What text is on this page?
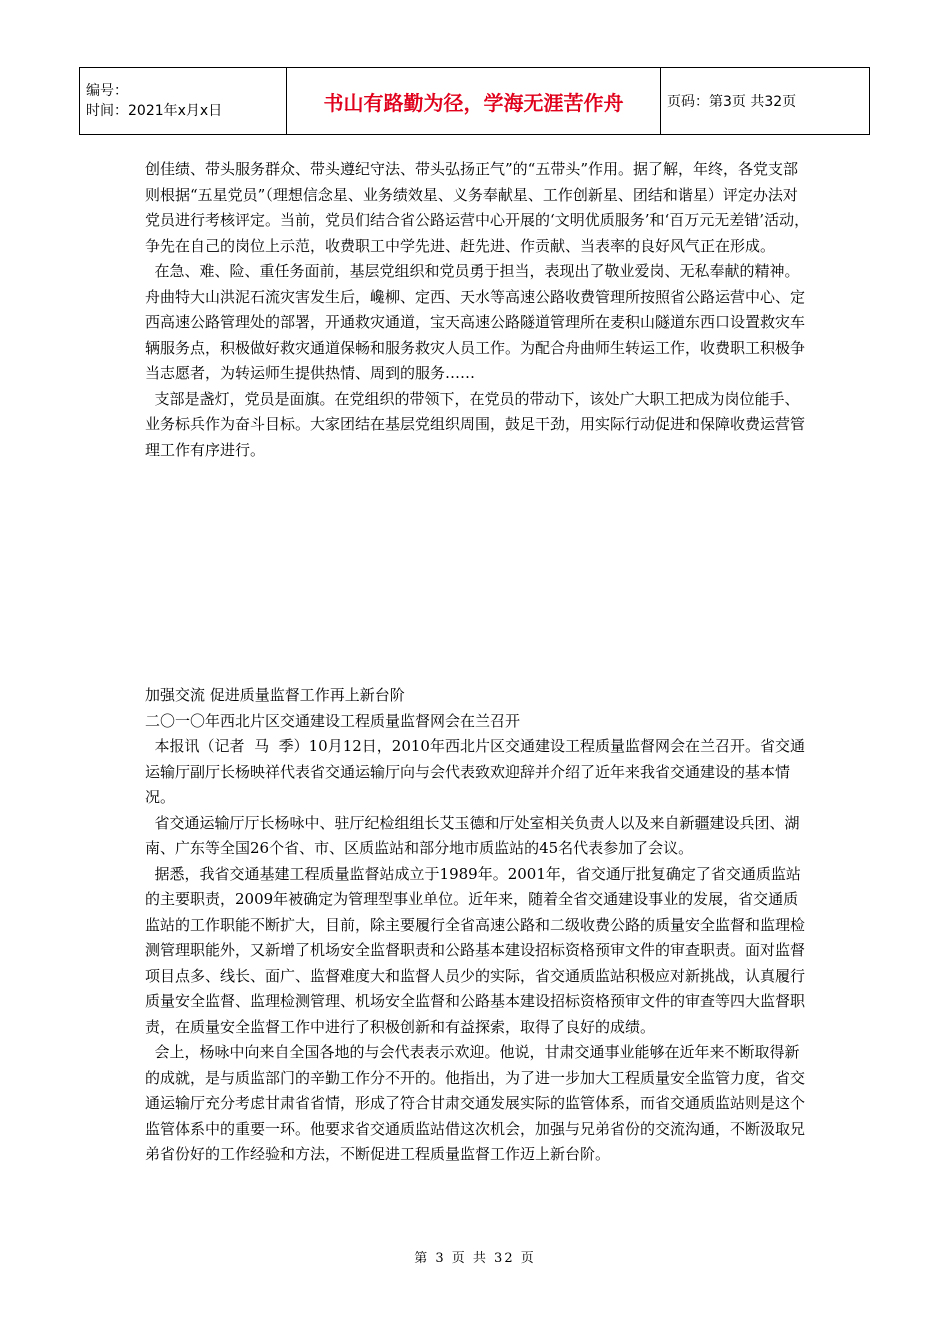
编号：
时间：2021年x月x日	书山有路勤为径，学海无涯苦作舟	页码：第3页 共32页

创佳绩、带头服务群众、带头遵纪守法、带头弘扬正气”的“五带头”作用。据了解，年终，各党支部则根据“五星党员”（理想信念星、业务绩效星、义务奉献星、工作创新星、团结和谐星）评定办法对党员进行考核评定。当前，党员们结合省公路运营中心开展的‘文明优质服务’和‘百万元无差错’活动，争先在自己的岗位上示范，收费职工中学先进、赶先进、作贡献、当表率的良好风气正在形成。

在急、难、险、重任务面前，基层党组织和党员勇于担当，表现出了敬业爱岗、无私奉献的精神。舟曲特大山洪泥石流灾害发生后，巉柳、定西、天水等高速公路收费管理所按照省公路运营中心、定西高速公路管理处的部署，开通救灾通道，宝天高速公路隧道管理所在麦积山隧道东西口设置救灾车辆服务点，积极做好救灾通道保畅和服务救灾人员工作。为配合舟曲师生转运工作，收费职工积极争当志愿者，为转运师生提供热情、周到的服务……

支部是盏灯，党员是面旗。在党组织的带领下，在党员的带动下，该处广大职工把成为岗位能手、业务标兵作为奋斗目标。大家团结在基层党组织周围，鼓足干劲，用实际行动促进和保障收费运营管理工作有序进行。

加强交流 促进质量监督工作再上新台阶

二〇一〇年西北片区交通建设工程质量监督网会在兰召开

本报讯（记者  马  季）10月12日，2010年西北片区交通建设工程质量监督网会在兰召开。省交通运输厅副厅长杨映祥代表省交通运输厅向与会代表致欢迎辞并介绍了近年来我省交通建设的基本情况。

省交通运输厅厅长杨咏中、驻厅纪检组组长艾玉德和厅处室相关负责人以及来自新疆建设兵团、湖南、广东等全国26个省、市、区质监站和部分地市质监站的45名代表参加了会议。

据悉，我省交通基建工程质量监督站成立于1989年。2001年，省交通厅批复确定了省交通质监站的主要职责，2009年被确定为管理型事业单位。近年来，随着全省交通建设事业的发展，省交通质监站的工作职能不断扩大，目前，除主要履行全省高速公路和二级收费公路的质量安全监督和监理检测管理职能外，又新增了机场安全监督职责和公路基本建设招标资格预审文件的审查职责。面对监督项目点多、线长、面广、监督难度大和监督人员少的实际，省交通质监站积极应对新挑战，认真履行质量安全监督、监理检测管理、机场安全监督和公路基本建设招标资格预审文件的审查等四大监督职责，在质量安全监督工作中进行了积极创新和有益探索，取得了良好的成绩。

会上，杨咏中向来自全国各地的与会代表表示欢迎。他说，甘肃交通事业能够在近年来不断取得新的成就，是与质监部门的辛勤工作分不开的。他指出，为了进一步加大工程质量安全监管力度，省交通运输厅充分考虑甘肃省省情，形成了符合甘肃交通发展实际的监管体系，而省交通质监站则是这个监管体系中的重要一环。他要求省交通质监站借这次机会，加强与兄弟省份的交流沟通，不断汲取兄弟省份好的工作经验和方法，不断促进工程质量监督工作迈上新台阶。

第 3 页 共 32 页
